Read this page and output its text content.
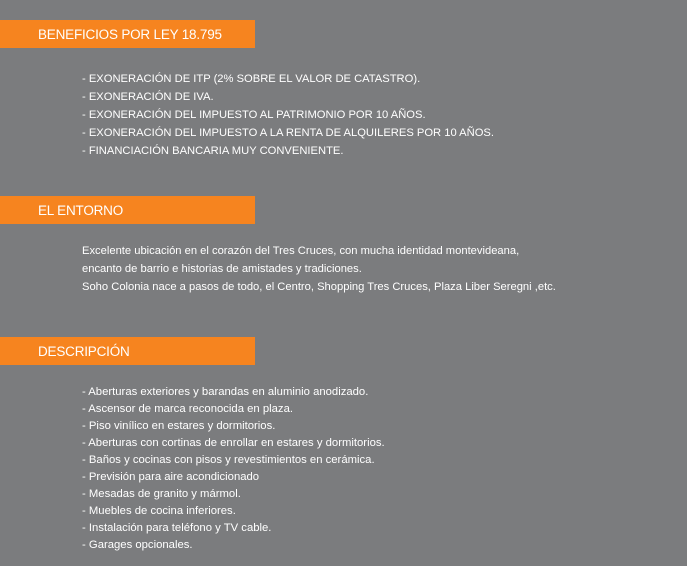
BENEFICIOS POR LEY 18.795
- EXONERACIÓN DE ITP (2% SOBRE EL VALOR DE CATASTRO).
- EXONERACIÓN DE IVA.
- EXONERACIÓN DEL IMPUESTO AL PATRIMONIO POR 10 AÑOS.
- EXONERACIÓN DEL IMPUESTO A LA RENTA DE ALQUILERES POR 10 AÑOS.
- FINANCIACIÓN BANCARIA MUY CONVENIENTE.
EL ENTORNO
Excelente ubicación en el corazón del Tres Cruces, con mucha identidad montevideana,
encanto de barrio e historias de amistades y tradiciones.
Soho Colonia nace a pasos de todo, el Centro, Shopping Tres Cruces, Plaza Liber Seregni ,etc.
DESCRIPCIÓN
- Aberturas exteriores y barandas en aluminio anodizado.
- Ascensor de marca reconocida en plaza.
- Piso vinílico en estares y dormitorios.
- Aberturas con cortinas de enrollar en estares y dormitorios.
- Baños y cocinas con pisos y revestimientos en cerámica.
- Previsión para aire acondicionado
- Mesadas de granito y mármol.
- Muebles de cocina inferiores.
- Instalación para teléfono y TV cable.
- Garages opcionales.
